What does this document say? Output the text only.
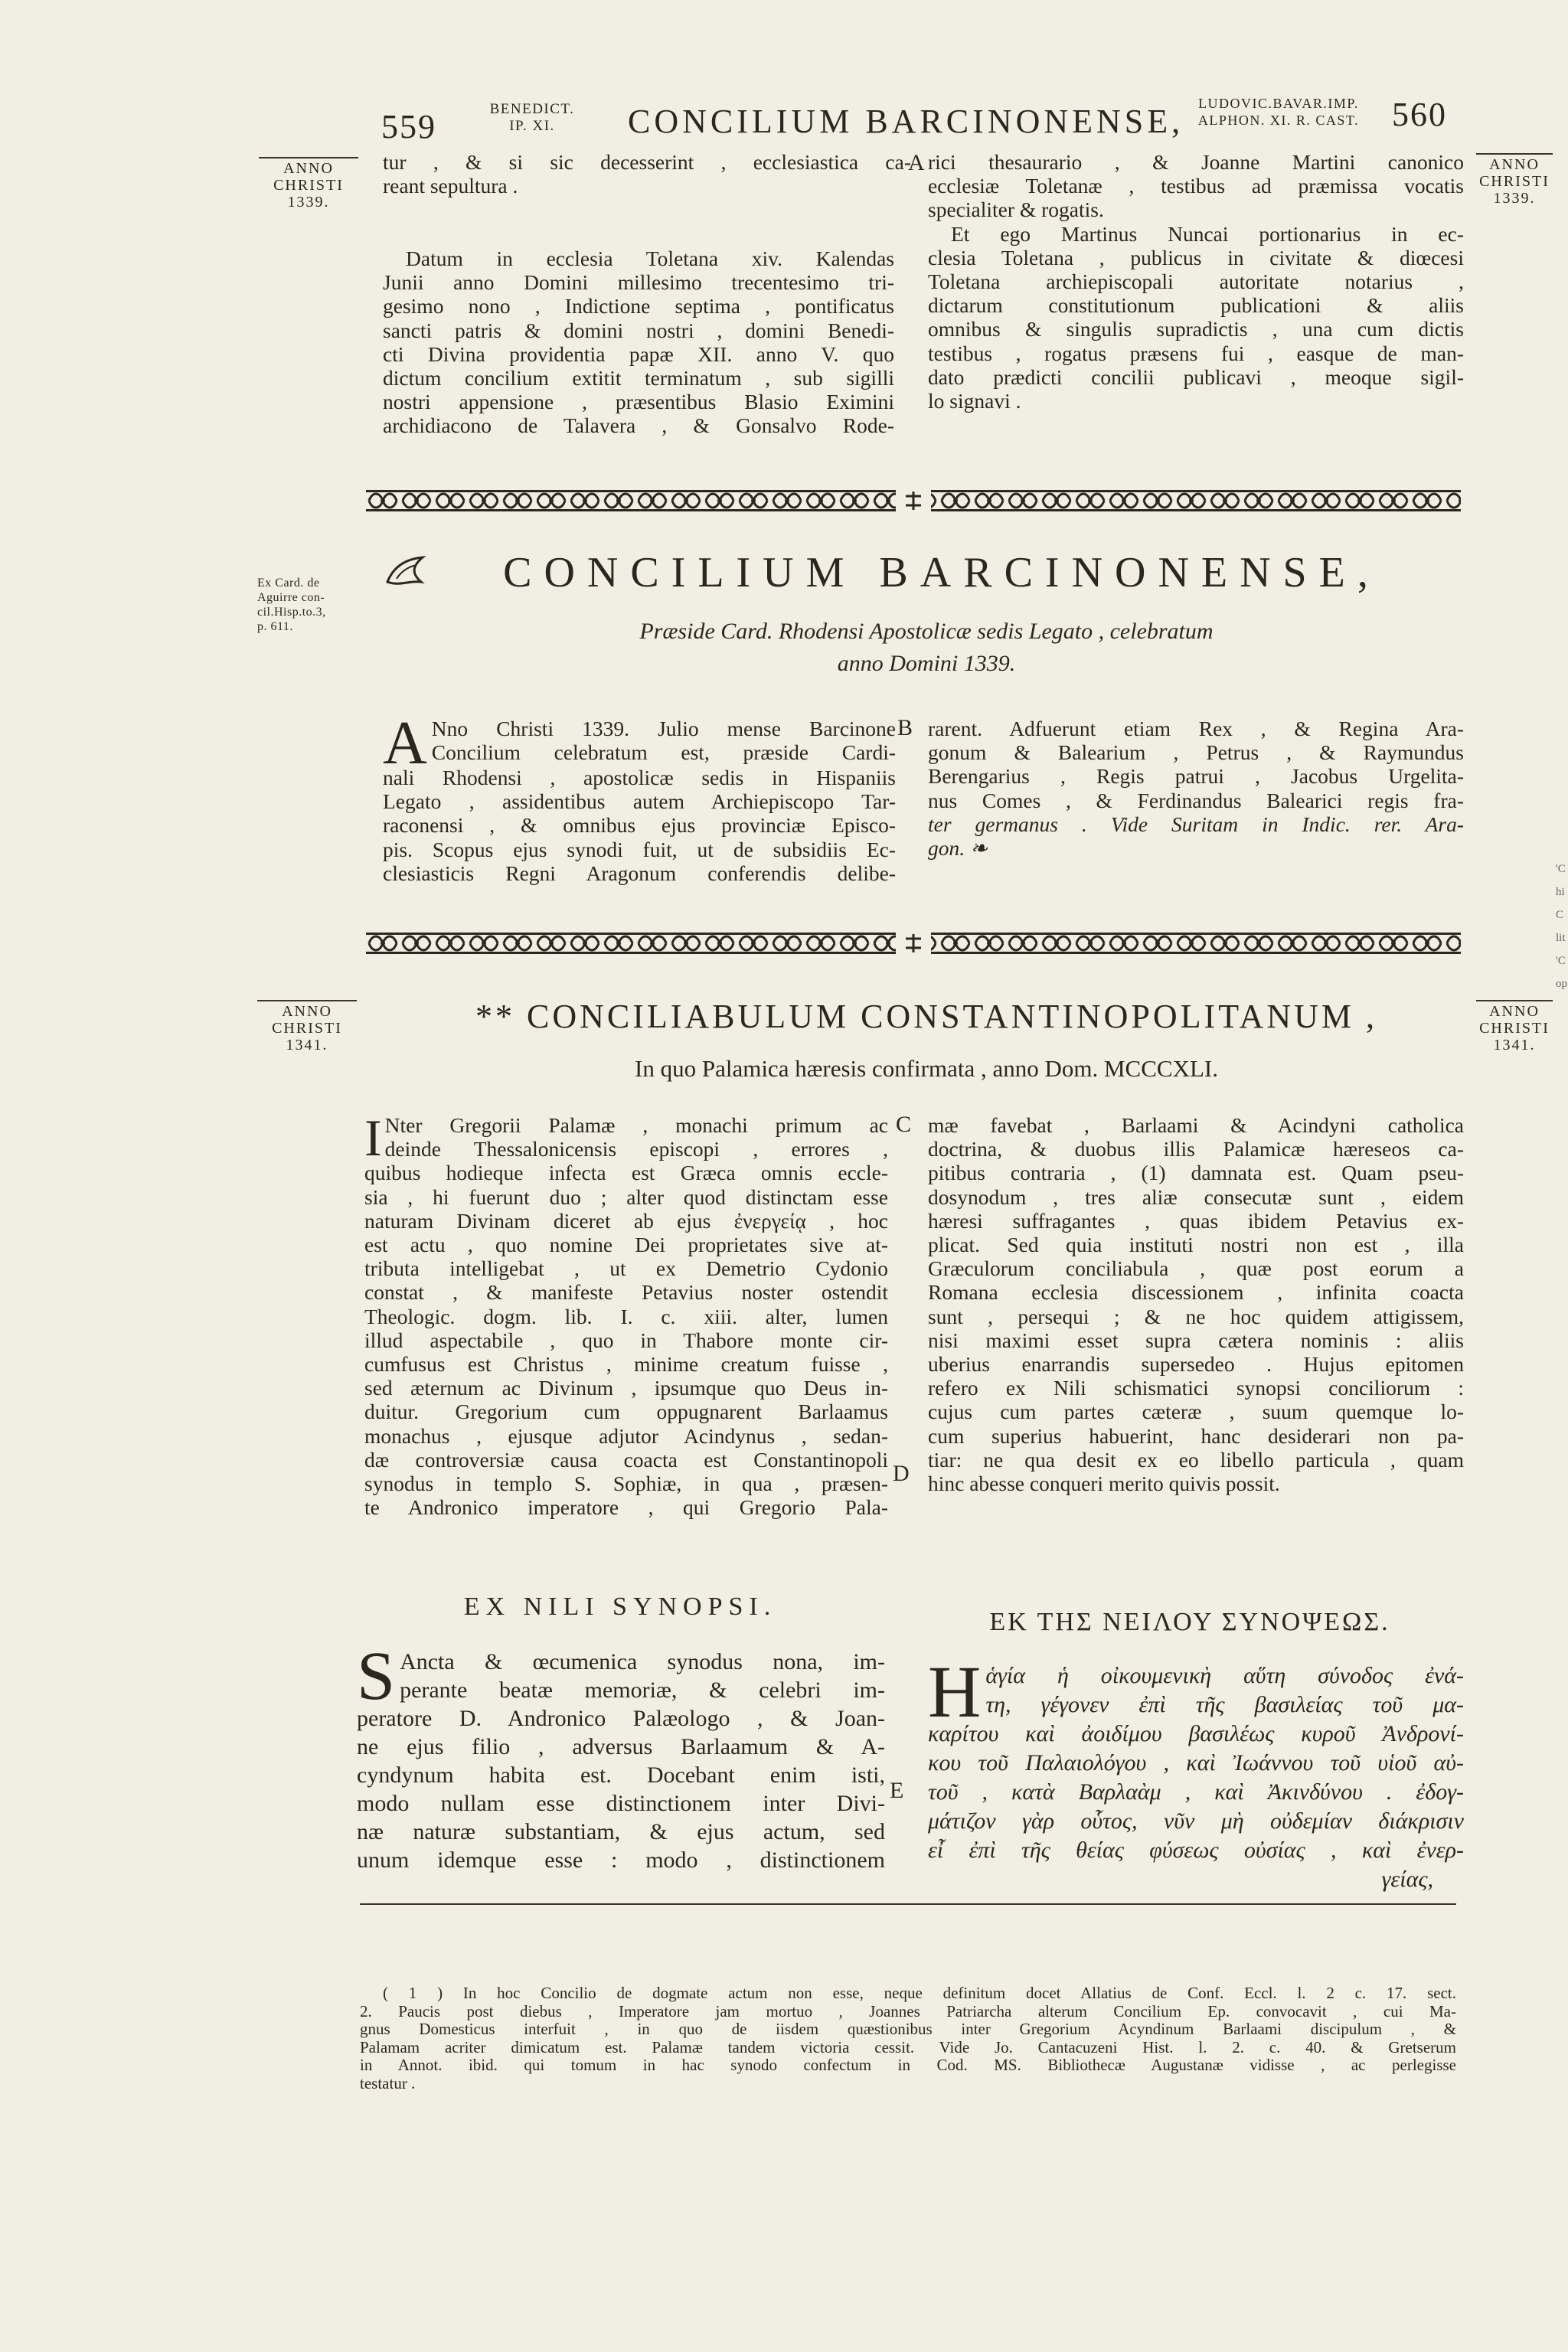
559	BENEDICT.
IP. XI.	CONCILIUM BARCINONENSE,	LUDOVIC.BAVAR.IMP.
ALPHON. XI. R. CAST. 560
ANNO
CHRISTI
1339.
ANNO
CHRISTI
1339.
Ex Card. de
Aguirre con-
cil.Hisp.to.3,
p. 611.
ANNO
CHRISTI
1341.
ANNO
CHRISTI
1341.
'C
hi
C
lit
'C
op
tur , & si sic decesserint , ecclesiastica ca-
reant sepultura .
Datum in ecclesia Toletana xiv. Kalendas
Junii anno Domini millesimo trecentesimo tri-
gesimo nono , Indictione septima , pontificatus
sancti patris & domini nostri , domini Benedi-
cti Divina providentia papæ XII. anno V. quo
dictum concilium extitit terminatum , sub sigilli
nostri appensione , præsentibus Blasio Eximini
archidiacono de Talavera , & Gonsalvo Rode-
A rici thesaurario , & Joanne Martini canonico
ecclesiæ Toletanæ , testibus ad præmissa vocatis
specialiter & rogatis.
Et ego Martinus Nuncai portionarius in ec-
clesia Toletana , publicus in civitate & diœcesi
Toletana archiepiscopali autoritate notarius ,
dictarum constitutionum publicationi & aliis
omnibus & singulis supradictis , una cum dictis
testibus , rogatus præsens fui , easque de man-
dato prædicti concilii publicavi , meoque sigil-
lo signavi .
CONCILIUM BARCINONENSE,
Præside Card. Rhodensi Apostolicæ sedis Legato , celebratum
anno Domini 1339.
A Nno Christi 1339. Julio mense Barcinone
Concilium celebratum est, præside Cardi-
nali Rhodensi , apostolicæ sedis in Hispaniis
Legato , assidentibus autem Archiepiscopo Tar-
raconensi , & omnibus ejus provinciæ Episco-
pis. Scopus ejus synodi fuit, ut de subsidiis Ec-
clesiasticis Regni Aragonum conferendis delibe-
B rarent. Adfuerunt etiam Rex , & Regina Ara-
gonum & Balearium , Petrus , & Raymundus
Berengarius , Regis patrui , Jacobus Urgelita-
nus Comes , & Ferdinandus Balearici regis fra-
ter germanus . Vide Suritam in Indic. rer. Ara-
gon. ❧
** CONCILIABULUM CONSTANTINOPOLITANUM ,
In quo Palamica hæresis confirmata , anno Dom. MCCCXLI.
I Nter Gregorii Palamæ , monachi primum ac
deinde Thessalonicensis episcopi , errores ,
quibus hodieque infecta est Græca omnis eccle-
sia , hi fuerunt duo ; alter quod distinctam esse
naturam Divinam diceret ab ejus ἐνεργείᾳ , hoc
est actu , quo nomine Dei proprietates sive at-
tributa intelligebat , ut ex Demetrio Cydonio
constat , & manifeste Petavius noster ostendit
Theologic. dogm. lib. I. c. xiii. alter, lumen
illud aspectabile , quo in Thabore monte cir-
cumfusus est Christus , minime creatum fuisse ,
sed æternum ac Divinum , ipsumque quo Deus in-
duitur. Gregorium cum oppugnarent Barlaamus
monachus , ejusque adjutor Acindynus , sedan-
dæ controversiæ causa coacta est Constantinopoli
synodus in templo S. Sophiæ, in qua , præsen-
te Andronico imperatore , qui Gregorio Pala-
C
D
mæ favebat , Barlaami & Acindyni catholica
doctrina, & duobus illis Palamicæ hæreseos ca-
pitibus contraria , (1) damnata est. Quam pseu-
dosynodum , tres aliæ consecutæ sunt , eidem
hæresi suffragantes , quas ibidem Petavius ex-
plicat. Sed quia instituti nostri non est , illa
Græculorum conciliabula , quæ post eorum a
Romana ecclesia discessionem , infinita coacta
sunt , persequi ; & ne hoc quidem attigissem,
nisi maximi esset supra cætera nominis : aliis
uberius enarrandis supersedeo . Hujus epitomen
refero ex Nili schismatici synopsi conciliorum :
cujus cum partes cæteræ , suum quemque lo-
cum superius habuerint, hanc desiderari non pa-
tiar: ne qua desit ex eo libello particula , quam
hinc abesse conqueri merito quivis possit.
EX NILI SYNOPSI.
ΕΚ ΤΗΣ ΝΕΙΛΟΥ ΣΥΝΟΨΕΩΣ.
S Ancta & œcumenica synodus nona, im-
perante beatæ memoriæ, & celebri im-
peratore D. Andronico Palæologo , & Joan-
ne ejus filio , adversus Barlaamum & A-
cyndynum habita est. Docebant enim isti,
modo nullam esse distinctionem inter Divi-
næ naturæ substantiam, & ejus actum, sed
unum idemque esse : modo , distinctionem
E
Η ἁγία ἡ οἰκουμενικὴ αὕτη σύνοδος ἐνά-
τη, γέγονεν ἐπὶ τῆς βασιλείας τοῦ μα-
καρίτου καὶ ἀοιδίμου βασιλέως κυροῦ Ἀνδρονί-
κου τοῦ Παλαιολόγου , καὶ Ἰωάννου τοῦ υἱοῦ αὐ-
τοῦ , κατὰ Βαρλαὰμ , καὶ Ἀκινδύνου . ἐδογ-
μάτιζον γὰρ οὗτος, νῦν μὴ οὐδεμίαν διάκρισιν
εἶ ἐπὶ τῆς θείας φύσεως οὐσίας , καὶ ἐνερ-
γείας,
( 1 ) In hoc Concilio de dogmate actum non esse, neque definitum docet Allatius de Conf. Eccl. l. 2 c. 17. sect.
2. Paucis post diebus , Imperatore jam mortuo , Joannes Patriarcha alterum Concilium Ep. convocavit , cui Ma-
gnus Domesticus interfuit , in quo de iisdem quæstionibus inter Gregorium Acyndinum Barlaami discipulum , &
Palamam acriter dimicatum est. Palamæ tandem victoria cessit. Vide Jo. Cantacuzeni Hist. l. 2. c. 40. & Gretserum
in Annot. ibid. qui tomum in hac synodo confectum in Cod. MS. Bibliothecæ Augustanæ vidisse , ac perlegisse
testatur .
